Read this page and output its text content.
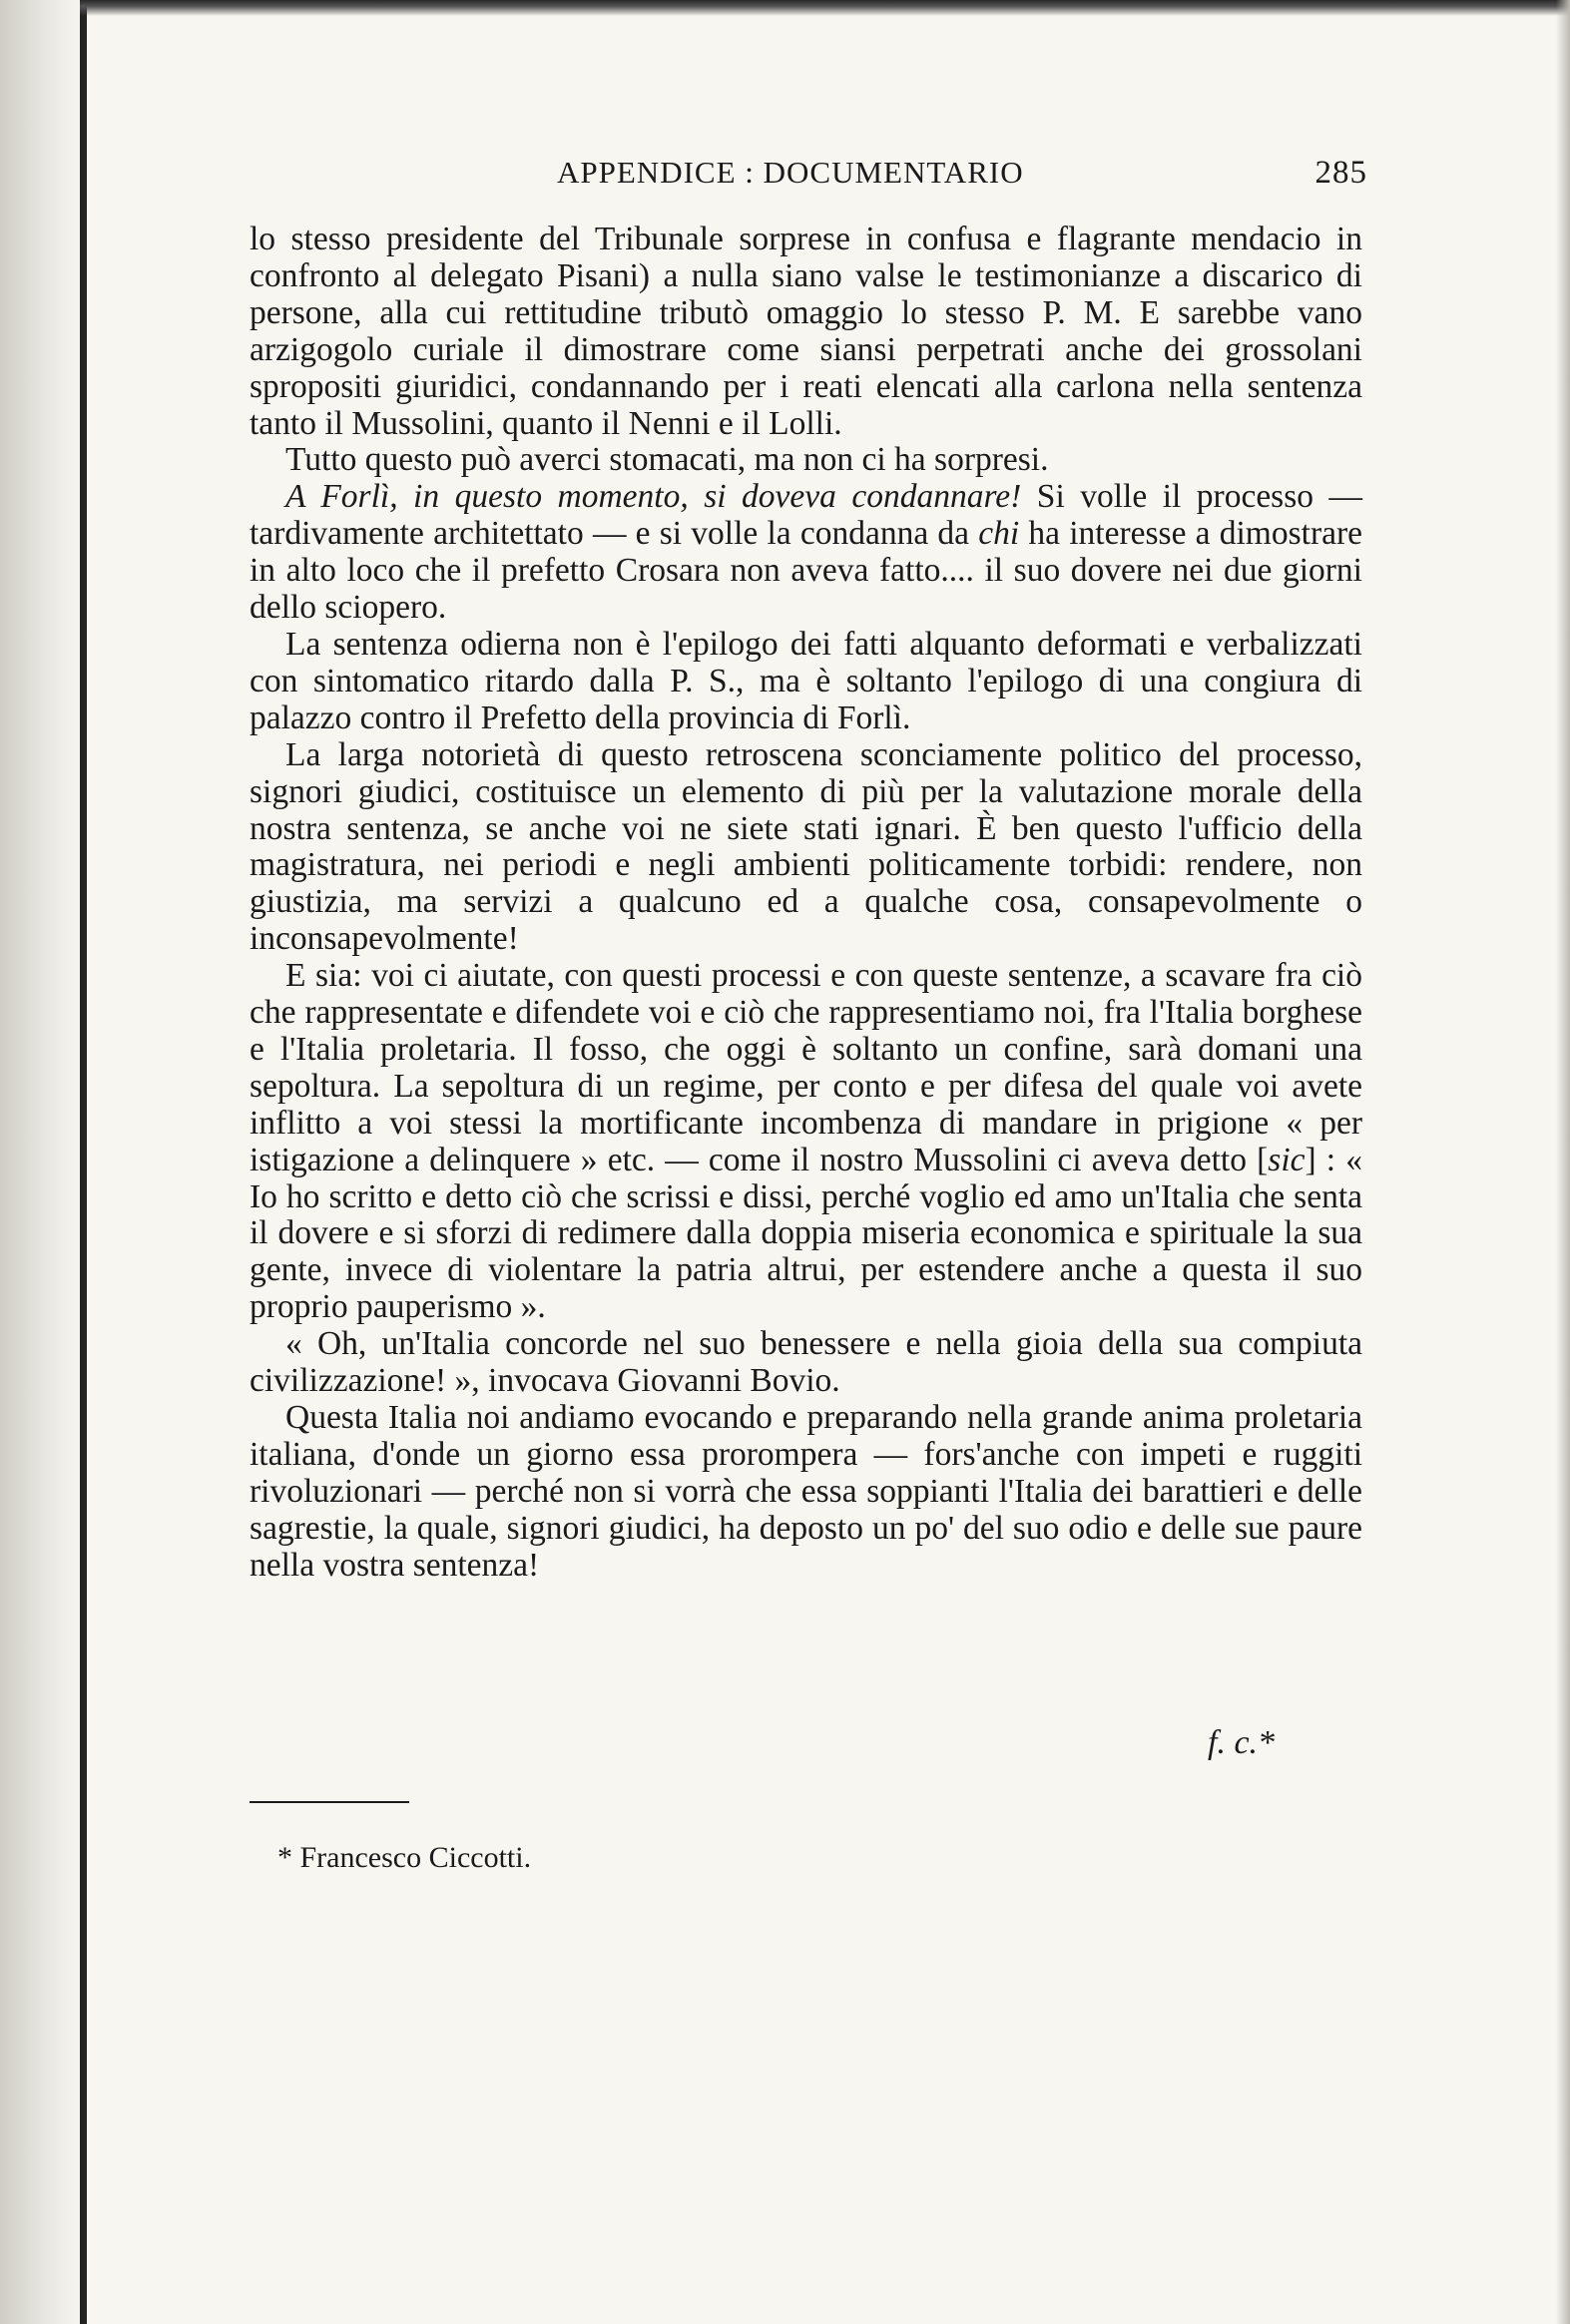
APPENDICE : DOCUMENTARIO	285

lo stesso presidente del Tribunale sorprese in confusa e flagrante mendacio in confronto al delegato Pisani) a nulla siano valse le testimonianze a discarico di persone, alla cui rettitudine tributò omaggio lo stesso P. M. E sarebbe vano arzigogolo curiale il dimostrare come siansi perpetrati anche dei grossolani spropositi giuridici, condannando per i reati elencati alla carlona nella sentenza tanto il Mussolini, quanto il Nenni e il Lolli.

Tutto questo può averci stomacati, ma non ci ha sorpresi.

A Forlì, in questo momento, si doveva condannare! Si volle il processo — tardivamente architettato — e si volle la condanna da chi ha interesse a dimostrare in alto loco che il prefetto Crosara non aveva fatto.... il suo dovere nei due giorni dello sciopero.

La sentenza odierna non è l'epilogo dei fatti alquanto deformati e verbalizzati con sintomatico ritardo dalla P. S., ma è soltanto l'epilogo di una congiura di palazzo contro il Prefetto della provincia di Forlì.

La larga notorietà di questo retroscena sconciamente politico del processo, signori giudici, costituisce un elemento di più per la valutazione morale della nostra sentenza, se anche voi ne siete stati ignari. È ben questo l'ufficio della magistratura, nei periodi e negli ambienti politicamente torbidi: rendere, non giustizia, ma servizi a qualcuno ed a qualche cosa, consapevolmente o inconsapevolmente!

E sia: voi ci aiutate, con questi processi e con queste sentenze, a scavare fra ciò che rappresentate e difendete voi e ciò che rappresentiamo noi, fra l'Italia borghese e l'Italia proletaria. Il fosso, che oggi è soltanto un confine, sarà domani una sepoltura. La sepoltura di un regime, per conto e per difesa del quale voi avete inflitto a voi stessi la mortificante incombenza di mandare in prigione « per istigazione a delinquere » etc. — come il nostro Mussolini ci aveva detto [sic] : « Io ho scritto e detto ciò che scrissi e dissi, perché voglio ed amo un'Italia che senta il dovere e si sforzi di redimere dalla doppia miseria economica e spirituale la sua gente, invece di violentare la patria altrui, per estendere anche a questa il suo proprio pauperismo ».

« Oh, un'Italia concorde nel suo benessere e nella gioia della sua compiuta civilizzazione! », invocava Giovanni Bovio.

Questa Italia noi andiamo evocando e preparando nella grande anima proletaria italiana, d'onde un giorno essa prorompera — fors'anche con impeti e ruggiti rivoluzionari — perché non si vorrà che essa soppianti l'Italia dei barattieri e delle sagrestie, la quale, signori giudici, ha deposto un po' del suo odio e delle sue paure nella vostra sentenza!

f. c.*
* Francesco Ciccotti.
